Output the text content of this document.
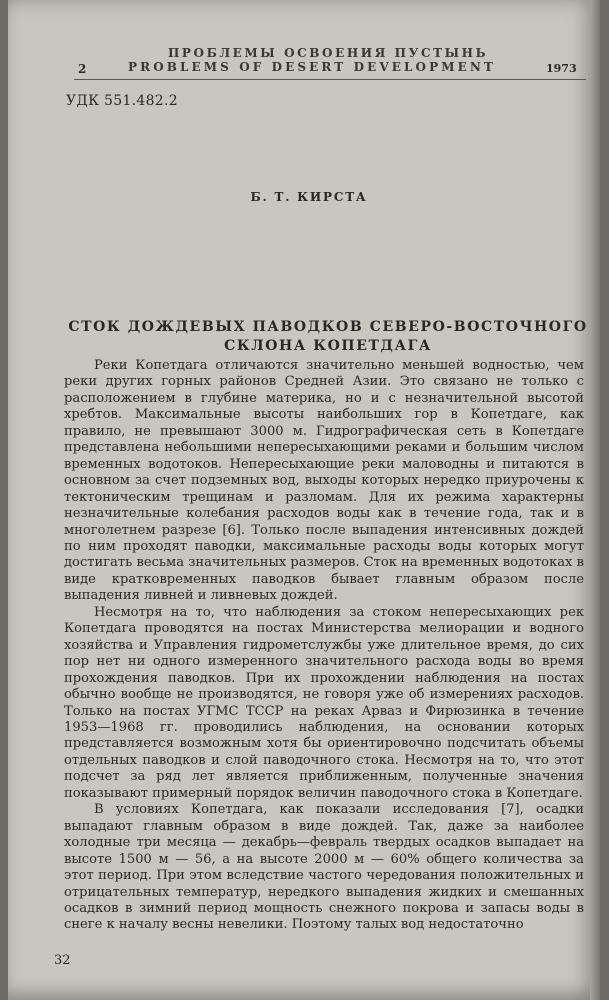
ПРОБЛЕМЫ ОСВОЕНИЯ ПУСТЫНЬ
2	PROBLEMS OF DESERT DEVELOPMENT	1973
УДК 551.482.2
Б. Т. КИРСТА
СТОК ДОЖДЕВЫХ ПАВОДКОВ СЕВЕРО-ВОСТОЧНОГО
СКЛОНА КОПЕТДАГА

Реки Копетдага отличаются значительно меньшей водностью, чем реки других горных районов Средней Азии. Это связано не только с расположением в глубине материка, но и с незначительной высотой хребтов. Максимальные высоты наибольших гор в Копетдаге, как правило, не превышают 3000 м. Гидрографическая сеть в Копетдаге представлена небольшими непересыхающими реками и большим числом временных водотоков. Непересыхающие реки маловодны и питаются в основном за счет подземных вод, выходы которых нередко приурочены к тектоническим трещинам и разломам. Для их режима характерны незначительные колебания расходов воды как в течение года, так и в многолетнем разрезе [6]. Только после выпадения интенсивных дождей по ним проходят паводки, максимальные расходы воды которых могут достигать весьма значительных размеров. Сток на временных водотоках в виде кратковременных паводков бывает главным образом после выпадения ливней и ливневых дождей.

Несмотря на то, что наблюдения за стоком непересыхающих рек Копетдага проводятся на постах Министерства мелиорации и водного хозяйства и Управления гидрометслужбы уже длительное время, до сих пор нет ни одного измеренного значительного расхода воды во время прохождения паводков. При их прохождении наблюдения на постах обычно вообще не производятся, не говоря уже об измерениях расходов. Только на постах УГМС ТССР на реках Арваз и Фирюзинка в течение 1953—1968 гг. проводились наблюдения, на основании которых представляется возможным хотя бы ориентировочно подсчитать объемы отдельных паводков и слой паводочного стока. Несмотря на то, что этот подсчет за ряд лет является приближенным, полученные значения показывают примерный порядок величин паводочного стока в Копетдаге.

В условиях Копетдага, как показали исследования [7], осадки выпадают главным образом в виде дождей. Так, даже за наиболее холодные три месяца — декабрь—февраль твердых осадков выпадает на высоте 1500 м — 56, а на высоте 2000 м — 60% общего количества за этот период. При этом вследствие частого чередования положительных и отрицательных температур, нередкого выпадения жидких и смешанных осадков в зимний период мощность снежного покрова и запасы воды в снеге к началу весны невелики. Поэтому талых вод недостаточно

32
